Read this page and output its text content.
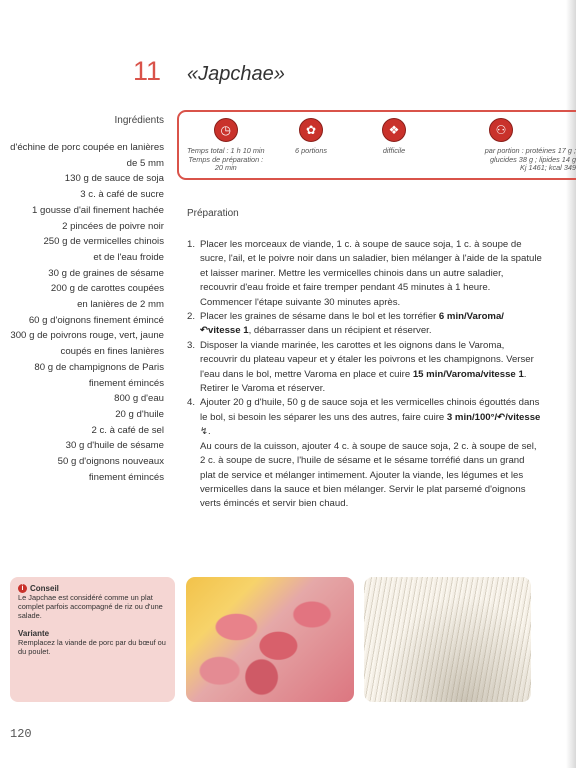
11 «Japchae»
Ingrédients
d'échine de porc coupée en lanières
de 5 mm
130 g de sauce de soja
3 c. à café de sucre
1 gousse d'ail finement hachée
2 pincées de poivre noir
250 g de vermicelles chinois
et de l'eau froide
30 g de graines de sésame
200 g de carottes coupées
en lanières de 2 mm
60 g d'oignons finement émincé
300 g de poivrons rouge, vert, jaune
coupés en fines lanières
80 g de champignons de Paris
finement émincés
800 g d'eau
20 g d'huile
2 c. à café de sel
30 g d'huile de sésame
50 g d'oignons nouveaux
finement émincés
◷
Temps total : 1 h 10 min
Temps de préparation :
20 min
✿
6 portions
❖
difficile
⚇
par portion : protéines 17 g ;
glucides 38 g ; lipides 14 g
Kj 1461; kcal 349
Préparation
1. Placer les morceaux de viande, 1 c. à soupe de sauce soja, 1 c. à soupe de sucre, l'ail, et le poivre noir dans un saladier, bien mélanger à l'aide de la spatule et laisser mariner. Mettre les vermicelles chinois dans un autre saladier, recouvrir d'eau froide et faire tremper pendant 45 minutes à 1 heure. Commencer l'étape suivante 30 minutes après.
2. Placer les graines de sésame dans le bol et les torréfier 6 min/Varoma/↶vitesse 1, débarrasser dans un récipient et réserver.
3. Disposer la viande marinée, les carottes et les oignons dans le Varoma, recouvrir du plateau vapeur et y étaler les poivrons et les champignons. Verser l'eau dans le bol, mettre Varoma en place et cuire 15 min/Varoma/vitesse 1. Retirer le Varoma et réserver.
4. Ajouter 20 g d'huile, 50 g de sauce soja et les vermicelles chinois égouttés dans le bol, si besoin les séparer les uns des autres, faire cuire 3 min/100°/↶/vitesse ↯.
Au cours de la cuisson, ajouter 4 c. à soupe de sauce soja, 2 c. à soupe de sel, 2 c. à soupe de sucre, l'huile de sésame et le sésame torréfié dans un grand plat de service et mélanger intimement. Ajouter la viande, les légumes et les vermicelles dans la sauce et bien mélanger. Servir le plat parsemé d'oignons verts émincés et servir bien chaud.
i Conseil
Le Japchae est considéré comme un plat complet parfois accompagné de riz ou d'une salade.
Variante
Remplacez la viande de porc par du bœuf ou du poulet.
120
